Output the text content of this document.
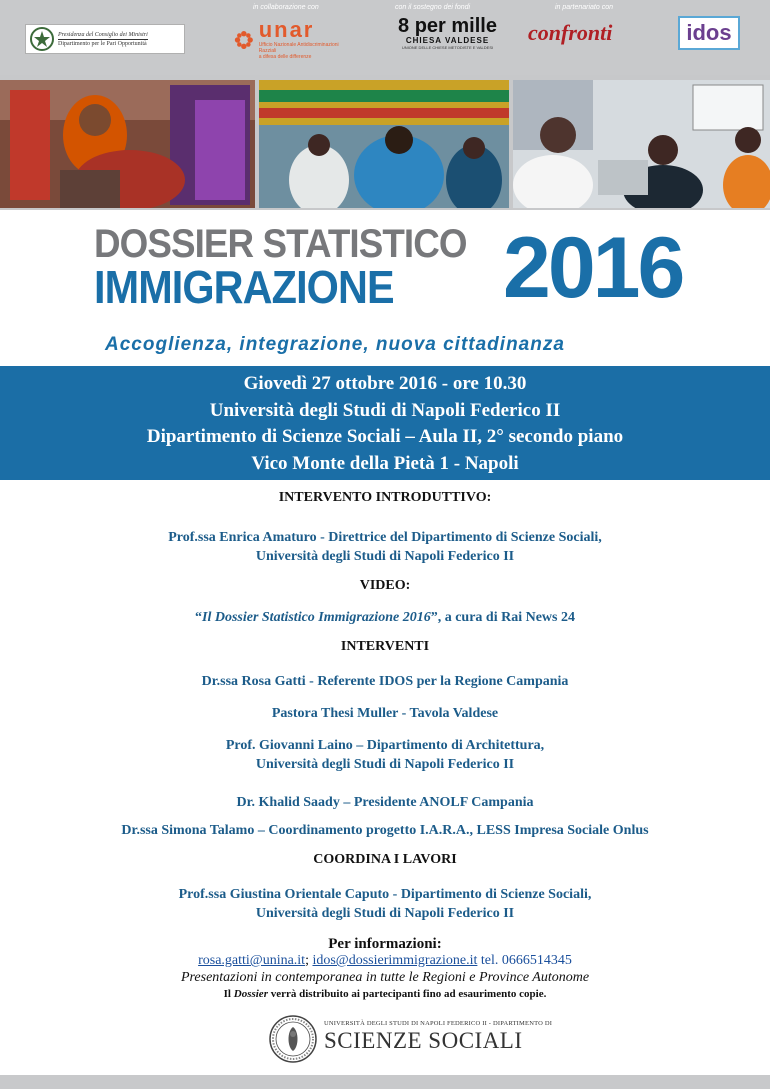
in collaborazione con	con il sostegno dei fondi	in partenariato con
Presidenza del Consiglio dei Ministri
Dipartimento per le Pari Opportunità
unar
Ufficio Nazionale Antidiscriminazioni Razziali
a difesa delle differenze
8 per mille
CHIESA VALDESE
UNIONE DELLE CHIESE METODISTE E VALDESI
confronti	idos
DOSSIER STATISTICO
IMMIGRAZIONE 2016
Accoglienza, integrazione, nuova cittadinanza
Giovedì 27 ottobre 2016 - ore 10.30
Università degli Studi di Napoli Federico II
Dipartimento di Scienze Sociali – Aula II, 2° secondo piano
Vico Monte della Pietà 1 - Napoli
INTERVENTO INTRODUTTIVO:
Prof.ssa Enrica Amaturo - Direttrice del Dipartimento di Scienze Sociali,
Università degli Studi di Napoli Federico II
VIDEO:
“Il Dossier Statistico Immigrazione 2016”, a cura di Rai News 24
INTERVENTI
Dr.ssa Rosa Gatti - Referente IDOS per la Regione Campania
Pastora Thesi Muller - Tavola Valdese
Prof. Giovanni Laino – Dipartimento di Architettura,
Università degli Studi di Napoli Federico II
Dr. Khalid Saady – Presidente ANOLF Campania
Dr.ssa Simona Talamo – Coordinamento progetto I.A.R.A., LESS Impresa Sociale Onlus
COORDINA I LAVORI
Prof.ssa Giustina Orientale Caputo - Dipartimento di Scienze Sociali,
Università degli Studi di Napoli Federico II
Per informazioni:
rosa.gatti@unina.it; idos@dossierimmigrazione.it tel. 0666514345
Presentazioni in contemporanea in tutte le Regioni e Province Autonome
Il Dossier verrà distribuito ai partecipanti fino ad esaurimento copie.
UNIVERSITÀ DEGLI STUDI DI NAPOLI FEDERICO II - DIPARTIMENTO DI
SCIENZE SOCIALI
